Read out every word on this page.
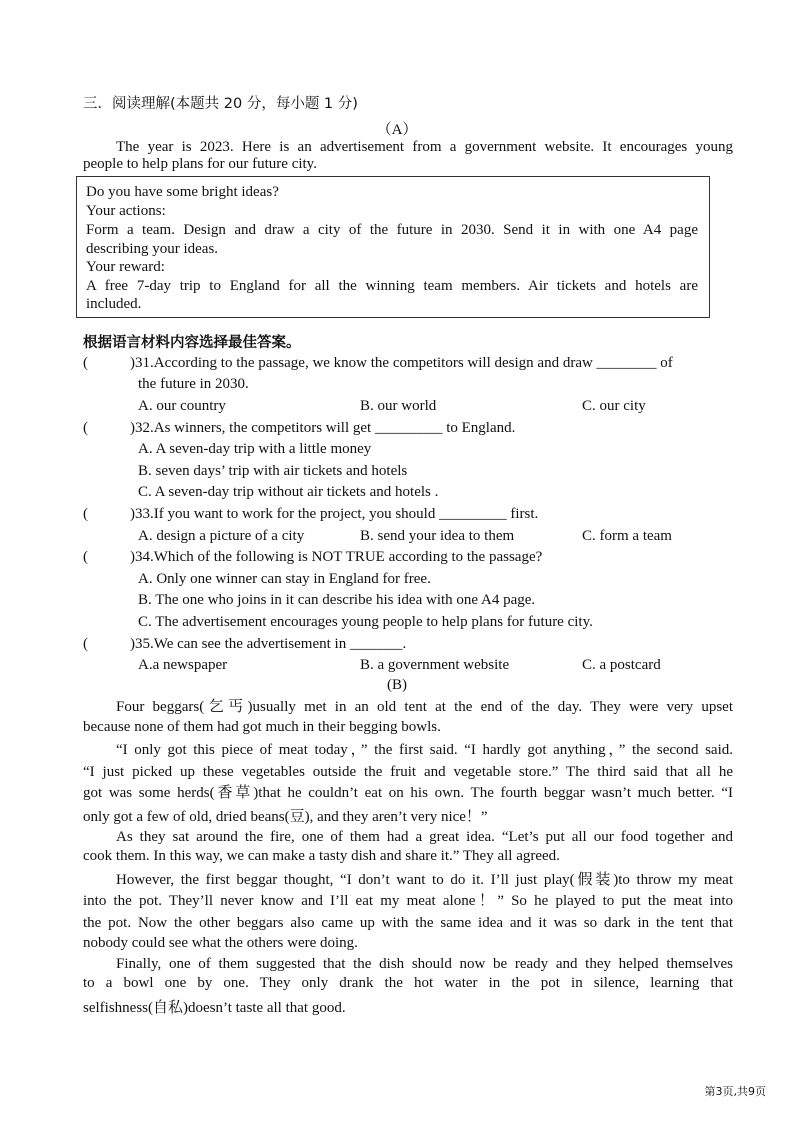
三．阅读理解(本题共 20 分，每小题 1 分)
（A）
The year is 2023. Here is an advertisement from a government website. It encourages young
people to help plans for our future city.
Do you have some bright ideas?
Your actions:
Form a team. Design and draw a city of the future in 2030. Send it in with one A4 page
describing your ideas.
Your reward:
A free 7-day trip to England for all the winning team members. Air tickets and hotels are
included.
根据语言材料内容选择最佳答案。
(	)31.According to the passage, we know the competitors will design and draw ________ of
the future in 2030.
A. our country	B. our world	C. our city
(	)32.As winners, the competitors will get _________ to England.
A. A seven-day trip with a little money
B. seven days’ trip with air tickets and hotels
C. A seven-day trip without air tickets and hotels .
(	)33.If you want to work for the project, you should _________ first.
A. design a picture of a city	B. send your idea to them	C. form a team
(	)34.Which of the following is NOT TRUE according to the passage?
A. Only one winner can stay in England for free.
B. The one who joins in it can describe his idea with one A4 page.
C. The advertisement encourages young people to help plans for future city.
(	)35.We can see the advertisement in _______.
A.a newspaper	B. a government website	C. a postcard
(B)
Four beggars(乞丐)usually met in an old tent at the end of the day. They were very upset
because none of them had got much in their begging bowls.
“I only got this piece of meat today，” the first said. “I hardly got anything，” the second said.
“I just picked up these vegetables outside the fruit and vegetable store.” The third said that all he
got was some herds(香草)that he couldn’t eat on his own. The fourth beggar wasn’t much better. “I
only got a few of old, dried beans(豆), and they aren’t very nice！”
As they sat around the fire, one of them had a great idea. “Let’s put all our food together and
cook them. In this way, we can make a tasty dish and share it.” They all agreed.
However, the first beggar thought, “I don’t want to do it. I’ll just play(假装)to throw my meat
into the pot. They’ll never know and I’ll eat my meat alone！” So he played to put the meat into
the pot. Now the other beggars also came up with the same idea and it was so dark in the tent that
nobody could see what the others were doing.
Finally, one of them suggested that the dish should now be ready and they helped themselves
to a bowl one by one. They only drank the hot water in the pot in silence, learning that
selfishness(自私)doesn’t taste all that good.
第3页,共9页
